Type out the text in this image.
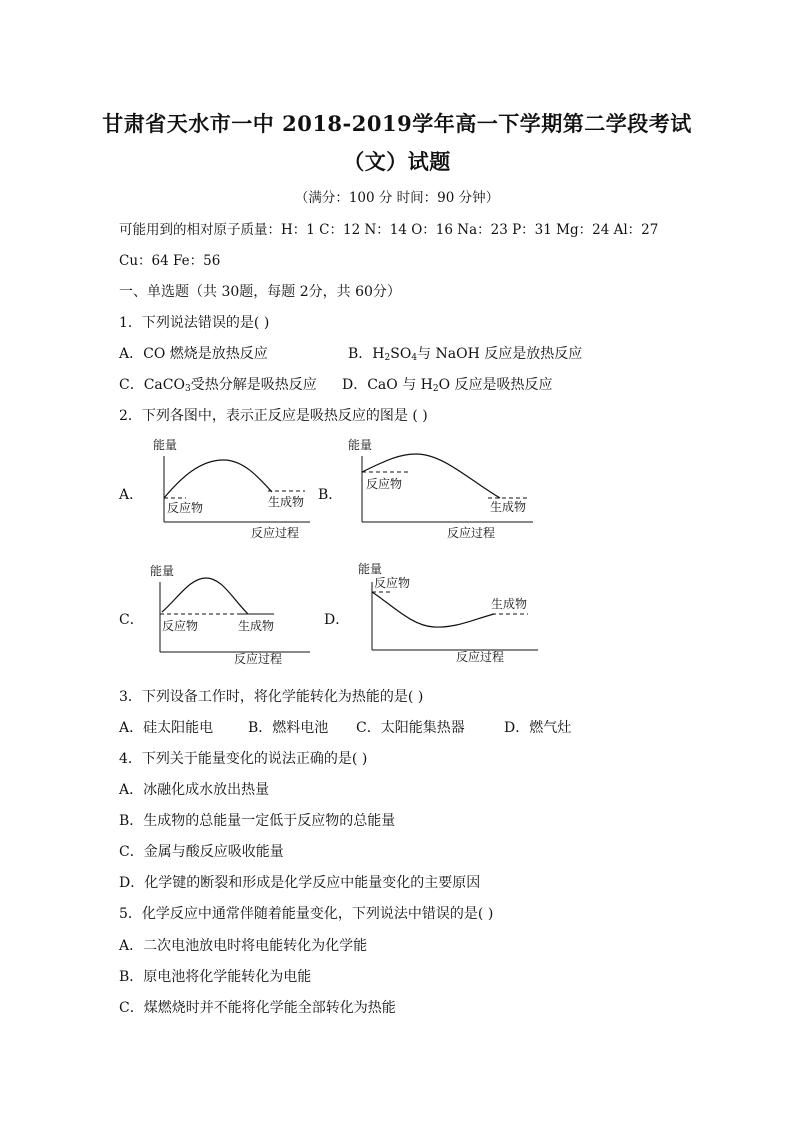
甘肃省天水市一中 2018-2019学年高一下学期第二学段考试
（文）试题
（满分：100 分 时间：90 分钟）
可能用到的相对原子质量：H：1 C：12 N：14 O：16 Na：23 P：31 Mg：24 Al：27
Cu：64 Fe：56
一、单选题（共 30题，每题 2分，共 60分）
1．下列说法错误的是( )
A．CO 燃烧是放热反应	B．$H_2SO_4$与 NaOH 反应是放热反应
C．CaCO$_3$受热分解是吸热反应 D．CaO 与 $H_2O$ 反应是吸热反应
2．下列各图中，表示正反应是吸热反应的图是 ( )
A．	B．
C．	D．
能量
反应物	生成物
反应过程
能量
反应物
生成物
反应过程
能量
反应物	生成物
反应过程
能量
反应物
生成物
反应过程
3．下列设备工作时，将化学能转化为热能的是( )
A．硅太阳能电 B．燃料电池 C．太阳能集热器	D．燃气灶
4．下列关于能量变化的说法正确的是( )
A．冰融化成水放出热量
B．生成物的总能量一定低于反应物的总能量
C．金属与酸反应吸收能量
D．化学键的断裂和形成是化学反应中能量变化的主要原因
5．化学反应中通常伴随着能量变化，下列说法中错误的是( )
A．二次电池放电时将电能转化为化学能
B．原电池将化学能转化为电能
C．煤燃烧时并不能将化学能全部转化为热能
